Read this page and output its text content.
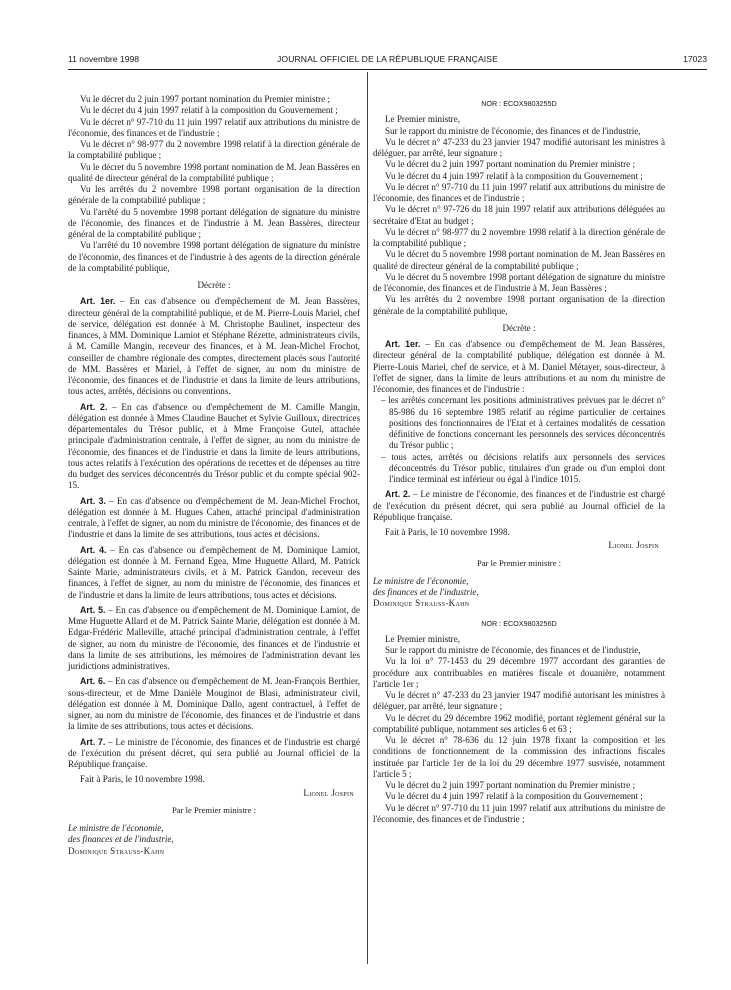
11 novembre 1998	JOURNAL OFFICIEL DE LA RÉPUBLIQUE FRANÇAISE	17023

Vu le décret du 2 juin 1997 portant nomination du Premier ministre ;

Vu le décret du 4 juin 1997 relatif à la composition du Gouvernement ;

Vu le décret n° 97-710 du 11 juin 1997 relatif aux attributions du ministre de l'économie, des finances et de l'industrie ;

Vu le décret n° 98-977 du 2 novembre 1998 relatif à la direction générale de la comptabilité publique ;

Vu le décret du 5 novembre 1998 portant nomination de M. Jean Bassères en qualité de directeur général de la comptabilité publique ;

Vu les arrêtés du 2 novembre 1998 portant organisation de la direction générale de la comptabilité publique ;

Vu l'arrêté du 5 novembre 1998 portant délégation de signature du ministre de l'économie, des finances et de l'industrie à M. Jean Bassères, directeur général de la comptabilité publique ;

Vu l'arrêté du 10 novembre 1998 portant délégation de signature du ministre de l'économie, des finances et de l'industrie à des agents de la direction générale de la comptabilité publique,

Décrète :

Art. 1er. – En cas d'absence ou d'empêchement de M. Jean Bassères, directeur général de la comptabilité publique, et de M. Pierre-Louis Mariel, chef de service, délégation est donnée à M. Christophe Baulinet, inspecteur des finances, à MM. Dominique Lamiot et Stéphane Rézette, administrateurs civils, à M. Camille Mangin, receveur des finances, et à M. Jean-Michel Frochot, conseiller de chambre régionale des comptes, directement placés sous l'autorité de MM. Bassères et Mariel, à l'effet de signer, au nom du ministre de l'économie, des finances et de l'industrie et dans la limite de leurs attributions, tous actes, arrêtés, décisions ou conventions.

Art. 2. – En cas d'absence ou d'empêchement de M. Camille Mangin, délégation est donnée à Mmes Claudine Bauchet et Sylvie Guilloux, directrices départementales du Trésor public, et à Mme Françoise Gutel, attachée principale d'administration centrale, à l'effet de signer, au nom du ministre de l'économie, des finances et de l'industrie et dans la limite de leurs attributions, tous actes relatifs à l'exécution des opérations de recettes et de dépenses au titre du budget des services déconcentrés du Trésor public et du compte spécial 902-15.

Art. 3. – En cas d'absence ou d'empêchement de M. Jean-Michel Frochot, délégation est donnée à M. Hugues Cahen, attaché principal d'administration centrale, à l'effet de signer, au nom du ministre de l'économie, des finances et de l'industrie et dans la limite de ses attributions, tous actes et décisions.

Art. 4. – En cas d'absence ou d'empêchement de M. Dominique Lamiot, délégation est donnée à M. Fernand Egea, Mme Huguette Allard, M. Patrick Sainte Marie, administrateurs civils, et à M. Patrick Gandon, receveur des finances, à l'effet de signer, au nom du ministre de l'économie, des finances et de l'industrie et dans la limite de leurs attributions, tous actes et décisions.

Art. 5. – En cas d'absence ou d'empêchement de M. Dominique Lamiot, de Mme Huguette Allard et de M. Patrick Sainte Marie, délégation est donnée à M. Edgar-Frédéric Malleville, attaché principal d'administration centrale, à l'effet de signer, au nom du ministre de l'économie, des finances et de l'industrie et dans la limite de ses attributions, les mémoires de l'administration devant les juridictions administratives.

Art. 6. – En cas d'absence ou d'empêchement de M. Jean-François Berthier, sous-directeur, et de Mme Danièle Mouginot de Blasi, administrateur civil, délégation est donnée à M. Dominique Dallo, agent contractuel, à l'effet de signer, au nom du ministre de l'économie, des finances et de l'industrie et dans la limite de ses attributions, tous actes et décisions.

Art. 7. – Le ministre de l'économie, des finances et de l'industrie est chargé de l'exécution du présent décret, qui sera publié au Journal officiel de la République française.

Fait à Paris, le 10 novembre 1998.

Lionel Jospin

Par le Premier ministre :

Le ministre de l'économie,

des finances et de l'industrie,

Dominique Strauss-Kahn

NOR : ECOX9803255D

Le Premier ministre,

Sur le rapport du ministre de l'économie, des finances et de l'industrie,

Vu le décret n° 47-233 du 23 janvier 1947 modifié autorisant les ministres à déléguer, par arrêté, leur signature ;

Vu le décret du 2 juin 1997 portant nomination du Premier ministre ;

Vu le décret du 4 juin 1997 relatif à la composition du Gouvernement ;

Vu le décret n° 97-710 du 11 juin 1997 relatif aux attributions du ministre de l'économie, des finances et de l'industrie ;

Vu le décret n° 97-726 du 18 juin 1997 relatif aux attributions déléguées au secrétaire d'Etat au budget ;

Vu le décret n° 98-977 du 2 novembre 1998 relatif à la direction générale de la comptabilité publique ;

Vu le décret du 5 novembre 1998 portant nomination de M. Jean Bassères en qualité de directeur général de la comptabilité publique ;

Vu le décret du 5 novembre 1998 portant délégation de signature du ministre de l'économie, des finances et de l'industrie à M. Jean Bassères ;

Vu les arrêtés du 2 novembre 1998 portant organisation de la direction générale de la comptabilité publique,

Décrète :

Art. 1er. – En cas d'absence ou d'empêchement de M. Jean Bassères, directeur général de la comptabilité publique, délégation est donnée à M. Pierre-Louis Mariel, chef de service, et à M. Daniel Métayer, sous-directeur, à l'effet de signer, dans la limite de leurs attributions et au nom du ministre de l'économie, des finances et de l'industrie :

– les arrêtés concernant les positions administratives prévues par le décret n° 85-986 du 16 septembre 1985 relatif au régime particulier de certaines positions des fonctionnaires de l'Etat et à certaines modalités de cessation définitive de fonctions concernant les personnels des services déconcentrés du Trésor public ;

– tous actes, arrêtés ou décisions relatifs aux personnels des services déconcentrés du Trésor public, titulaires d'un grade ou d'un emploi dont l'indice terminal est inférieur ou égal à l'indice 1015.

Art. 2. – Le ministre de l'économie, des finances et de l'industrie est chargé de l'exécution du présent décret, qui sera publié au Journal officiel de la République française.

Fait à Paris, le 10 novembre 1998.

Lionel Jospin

Par le Premier ministre :

Le ministre de l'économie,

des finances et de l'industrie,

Dominique Strauss-Kahn

NOR : ECOX9803256D

Le Premier ministre,

Sur le rapport du ministre de l'économie, des finances et de l'industrie,

Vu la loi n° 77-1453 du 29 décembre 1977 accordant des garanties de procédure aux contribuables en matières fiscale et douanière, notamment l'article 1er ;

Vu le décret n° 47-233 du 23 janvier 1947 modifié autorisant les ministres à déléguer, par arrêté, leur signature ;

Vu le décret du 29 décembre 1962 modifié, portant règlement général sur la comptabilité publique, notamment ses articles 6 et 63 ;

Vu le décret n° 78-636 du 12 juin 1978 fixant la composition et les conditions de fonctionnement de la commission des infractions fiscales instituée par l'article 1er de la loi du 29 décembre 1977 susvisée, notamment l'article 5 ;

Vu le décret du 2 juin 1997 portant nomination du Premier ministre ;

Vu le décret du 4 juin 1997 relatif à la composition du Gouvernement ;

Vu le décret n° 97-710 du 11 juin 1997 relatif aux attributions du ministre de l'économie, des finances et de l'industrie ;
